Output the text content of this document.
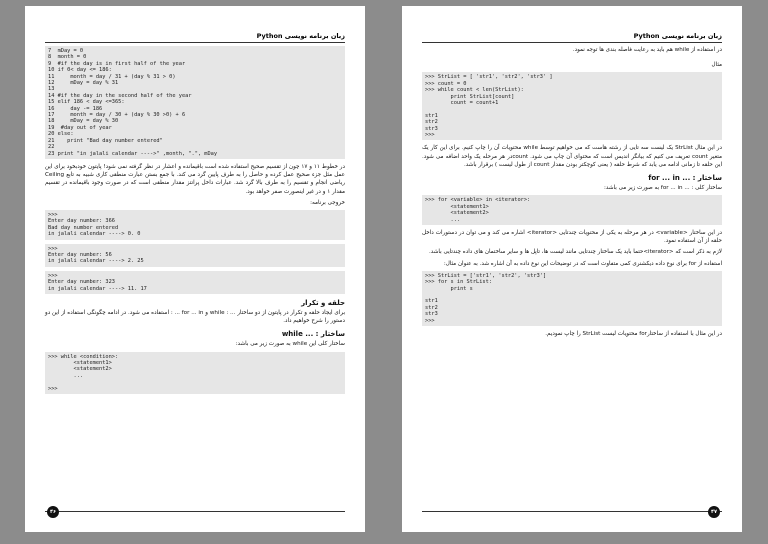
زبان برنامه نویسی Python
7  mDay = 0
8  month = 0
9  #if the day is in first half of the year
10 if 0< day <= 186:
11     month = day / 31 + (day % 31 > 0)
12     mDay = day % 31
13
14 #if the day in the second half of the year
15 elif 186 < day <=365:
16     day -= 186
17     month = day / 30 + (day % 30 >0) + 6
18     mDay = day % 30
19  #day out of year
20 else:
21    print "Bad day number entered"
22
23 print "in jalali calendar ---->" ,month, ".", mDay
در خطوط ۱۱ و ۱۷ چون از تقسیم صحیح استفاده شده است باقیمانده و اعشار در نظر گرفته نمی شود! پایتون خودبخود برای این عمل مثل جزء صحیح عمل کرده و حاصل را به طرف پایین گرد می کند. با جمع بستن عبارت منطقی کاری شبیه به تابع Ceiling ریاضی انجام و تقسیم را به طرف بالا گرد شد. عبارات داخل پرانتز مقدار منطقی است که در صورت وجود باقیمانده در تقسیم مقدار ۱ و در غیر اینصورت صفر خواهد بود.
خروجی برنامه:
>>>
Enter day number: 366
Bad day number entered
in jalali calendar ----> 0. 0
>>>
Enter day number: 56
in jalali calendar ----> 2. 25
>>>
Enter day number: 323
in jalali calendar ----> 11. 17
حلقه و تکرار
برای ایجاد حلقه و تکرار در پایتون از دو ساختار ... : while و for ... in ... : استفاده می شود. در ادامه چگونگی استفاده از این دو دستور را شرح خواهیم داد.
ساختار : ... while
ساختار کلی این while به صورت زیر می باشد:
>>> while <condition>:
<statement1>
<statement2>
...

>>>
۴۶
زبان برنامه نویسی Python
در استفاده از while هم باید به رعایت فاصله بندی ها توجه نمود.
مثال
>>> StrList = [ 'str1', 'str2', 'str3' ]
>>> count = 0
>>> while count < len(StrList):
print StrList[count]
count = count+1

str1
str2
str3
>>>
در این مثال StrList یک لیست سه تایی از رشته هاست که می خواهیم توسط while محتویات آن را چاپ کنیم. برای این کار یک متغیر count تعریف می کنیم که بیانگر اندیس است که محتوای آن چاپ می شود. countدر هر مرحله یک واحد اضافه می شود. این حلقه تا زمانی ادامه می یابد که شرط حلقه ( یعنی کوچکتر بودن مقدار count از طول لیست ) برقرار باشد.
ساختار : ... for ... in
ساختار کلی : ... for ... in به صورت زیر می باشد:
>>> for <variable> in <iterator>:
<statement1>
<statement2>
...
در این ساختار <variable> در هر مرحله به یکی از محتویات چندتایی <iterator> اشاره می کند و می توان در دستورات داخل حلقه از آن استفاده نمود.
لازم به ذکر است که <iterator>حتما باید یک ساختار چندتایی مانند لیست ها، تاپل ها و سایر ساختمان های داده چندتایی باشد.
استفاده از for برای نوع داده دیکشنری کمی متفاوت است که در توضیحات این نوع داده به آن اشاره شد. به عنوان مثال:
>>> StrList = ['str1', 'str2', 'str3']
>>> for s in StrList:
print s

str1
str2
str3
>>>
در این مثال با استفاده از ساختارfor محتویات لیست StrList را چاپ نمودیم.
۴۷
